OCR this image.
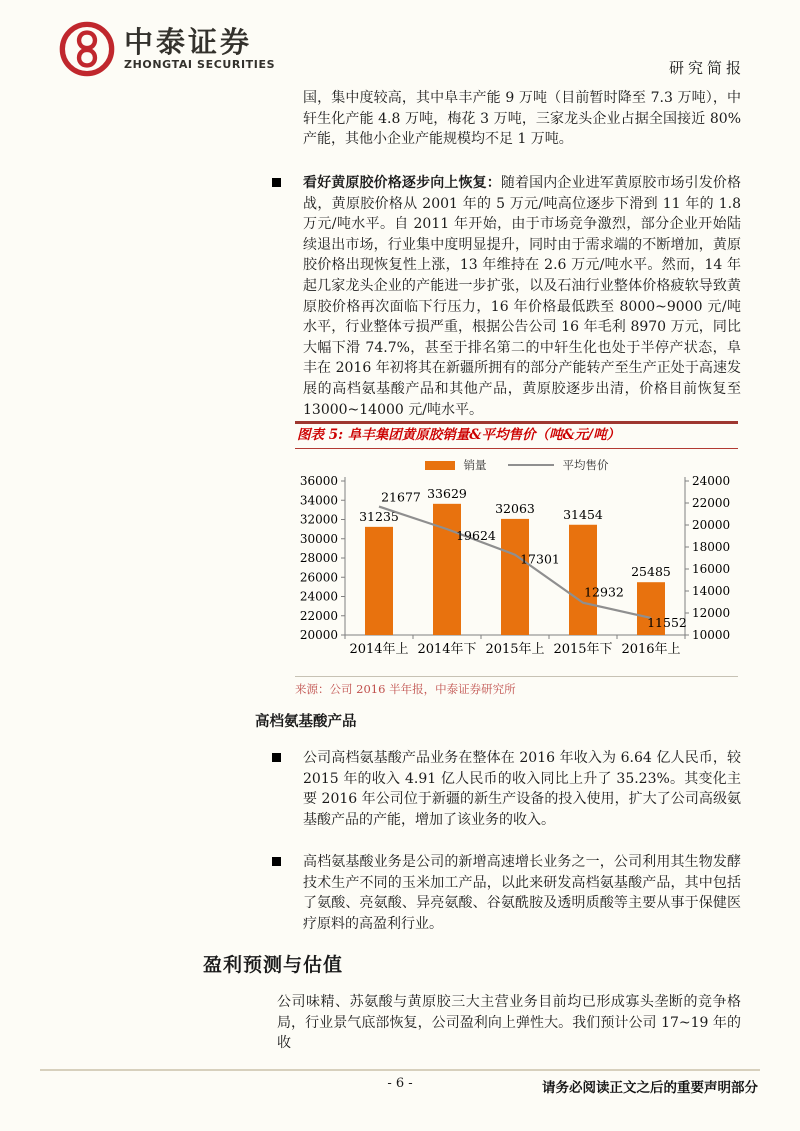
中泰证券
ZHONGTAI SECURITIES	研究简报

国，集中度较高，其中阜丰产能 9 万吨（目前暂时降至 7.3 万吨），中轩生化产能 4.8 万吨，梅花 3 万吨，三家龙头企业占据全国接近 80%产能，其他小企业产能规模均不足 1 万吨。

看好黄原胶价格逐步向上恢复：随着国内企业进军黄原胶市场引发价格战，黄原胶价格从 2001 年的 5 万元/吨高位逐步下滑到 11 年的 1.8 万元/吨水平。自 2011 年开始，由于市场竞争激烈，部分企业开始陆续退出市场，行业集中度明显提升，同时由于需求端的不断增加，黄原胶价格出现恢复性上涨，13 年维持在 2.6 万元/吨水平。然而，14 年起几家龙头企业的产能进一步扩张，以及石油行业整体价格疲软导致黄原胶价格再次面临下行压力，16 年价格最低跌至 8000~9000 元/吨水平，行业整体亏损严重，根据公告公司 16 年毛利 8970 万元，同比大幅下滑 74.7%，甚至于排名第二的中轩生化也处于半停产状态，阜丰在 2016 年初将其在新疆所拥有的部分产能转产至生产正处于高速发展的高档氨基酸产品和其他产品，黄原胶逐步出清，价格目前恢复至 13000~14000 元/吨水平。

图表 5: 阜丰集团黄原胶销量&平均售价（吨&元/吨）
销量	平均售价
20000
22000
24000
26000
28000
30000
32000
34000
36000
10000
12000
14000
16000
18000
20000
22000
24000
31235
2014年上
33629
2014年下
32063
2015年上
31454
2015年下
25485
2016年上
21677
19624
17301
12932
11552
来源：公司 2016 半年报，中泰证券研究所
高档氨基酸产品

公司高档氨基酸产品业务在整体在 2016 年收入为 6.64 亿人民币，较 2015 年的收入 4.91 亿人民币的收入同比上升了 35.23%。其变化主要 2016 年公司位于新疆的新生产设备的投入使用，扩大了公司高级氨基酸产品的产能，增加了该业务的收入。

高档氨基酸业务是公司的新增高速增长业务之一，公司利用其生物发酵技术生产不同的玉米加工产品，以此来研发高档氨基酸产品，其中包括了氨酸、亮氨酸、异亮氨酸、谷氨酰胺及透明质酸等主要从事于保健医疗原料的高盈利行业。

盈利预测与估值

公司味精、苏氨酸与黄原胶三大主营业务目前均已形成寡头垄断的竞争格局，行业景气底部恢复，公司盈利向上弹性大。我们预计公司 17~19 年的收

- 6 -	请务必阅读正文之后的重要声明部分
